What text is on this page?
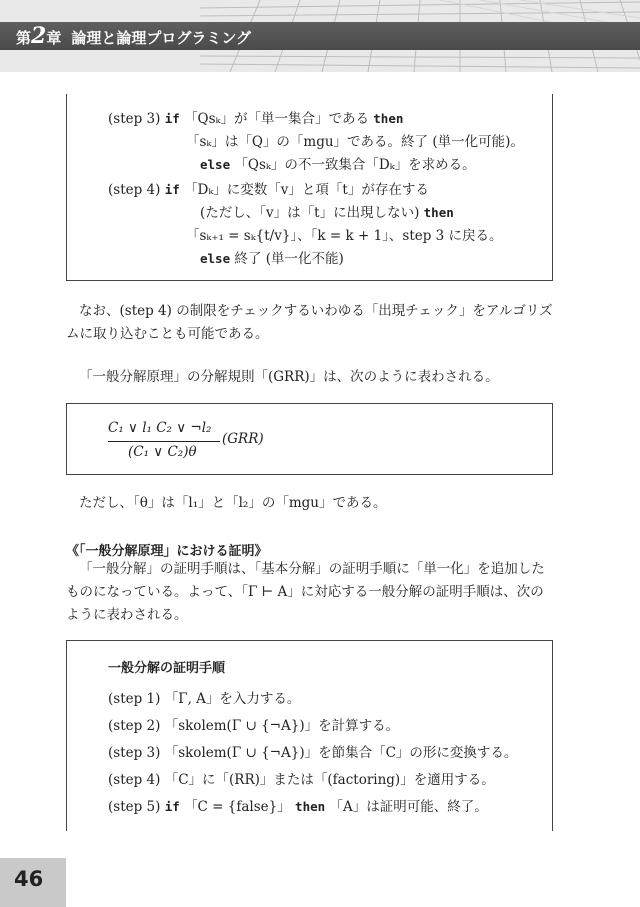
第2章 論理と論理プログラミング
(step 3) if 「Qsₖ」が「単一集合」である then
「sₖ」は「Q」の「mgu」である。終了 (単一化可能)。
else 「Qsₖ」の不一致集合「Dₖ」を求める。
(step 4) if 「Dₖ」に変数「v」と項「t」が存在する
(ただし、「v」は「t」に出現しない) then
「sₖ₊₁ = sₖ{t/v}」、「k = k + 1」、step 3 に戻る。
else 終了 (単一化不能)
なお、(step 4) の制限をチェックするいわゆる「出現チェック」をアルゴリズ
ムに取り込むことも可能である。
「一般分解原理」の分解規則「(GRR)」は、次のように表わされる。
C₁ ∨ l₁ C₂ ∨ ¬l₂
(C₁ ∨ C₂)θ
(GRR)
ただし、「θ」は「l₁」と「l₂」の「mgu」である。
《「一般分解原理」における証明》
「一般分解」の証明手順は、「基本分解」の証明手順に「単一化」を追加した
ものになっている。よって、「Γ ⊢ A」に対応する一般分解の証明手順は、次の
ように表わされる。
一般分解の証明手順
(step 1) 「Γ, A」を入力する。
(step 2) 「skolem(Γ ∪ {¬A})」を計算する。
(step 3) 「skolem(Γ ∪ {¬A})」を節集合「C」の形に変換する。
(step 4) 「C」に「(RR)」または「(factoring)」を適用する。
(step 5) if 「C = {false}」 then 「A」は証明可能、終了。
46
